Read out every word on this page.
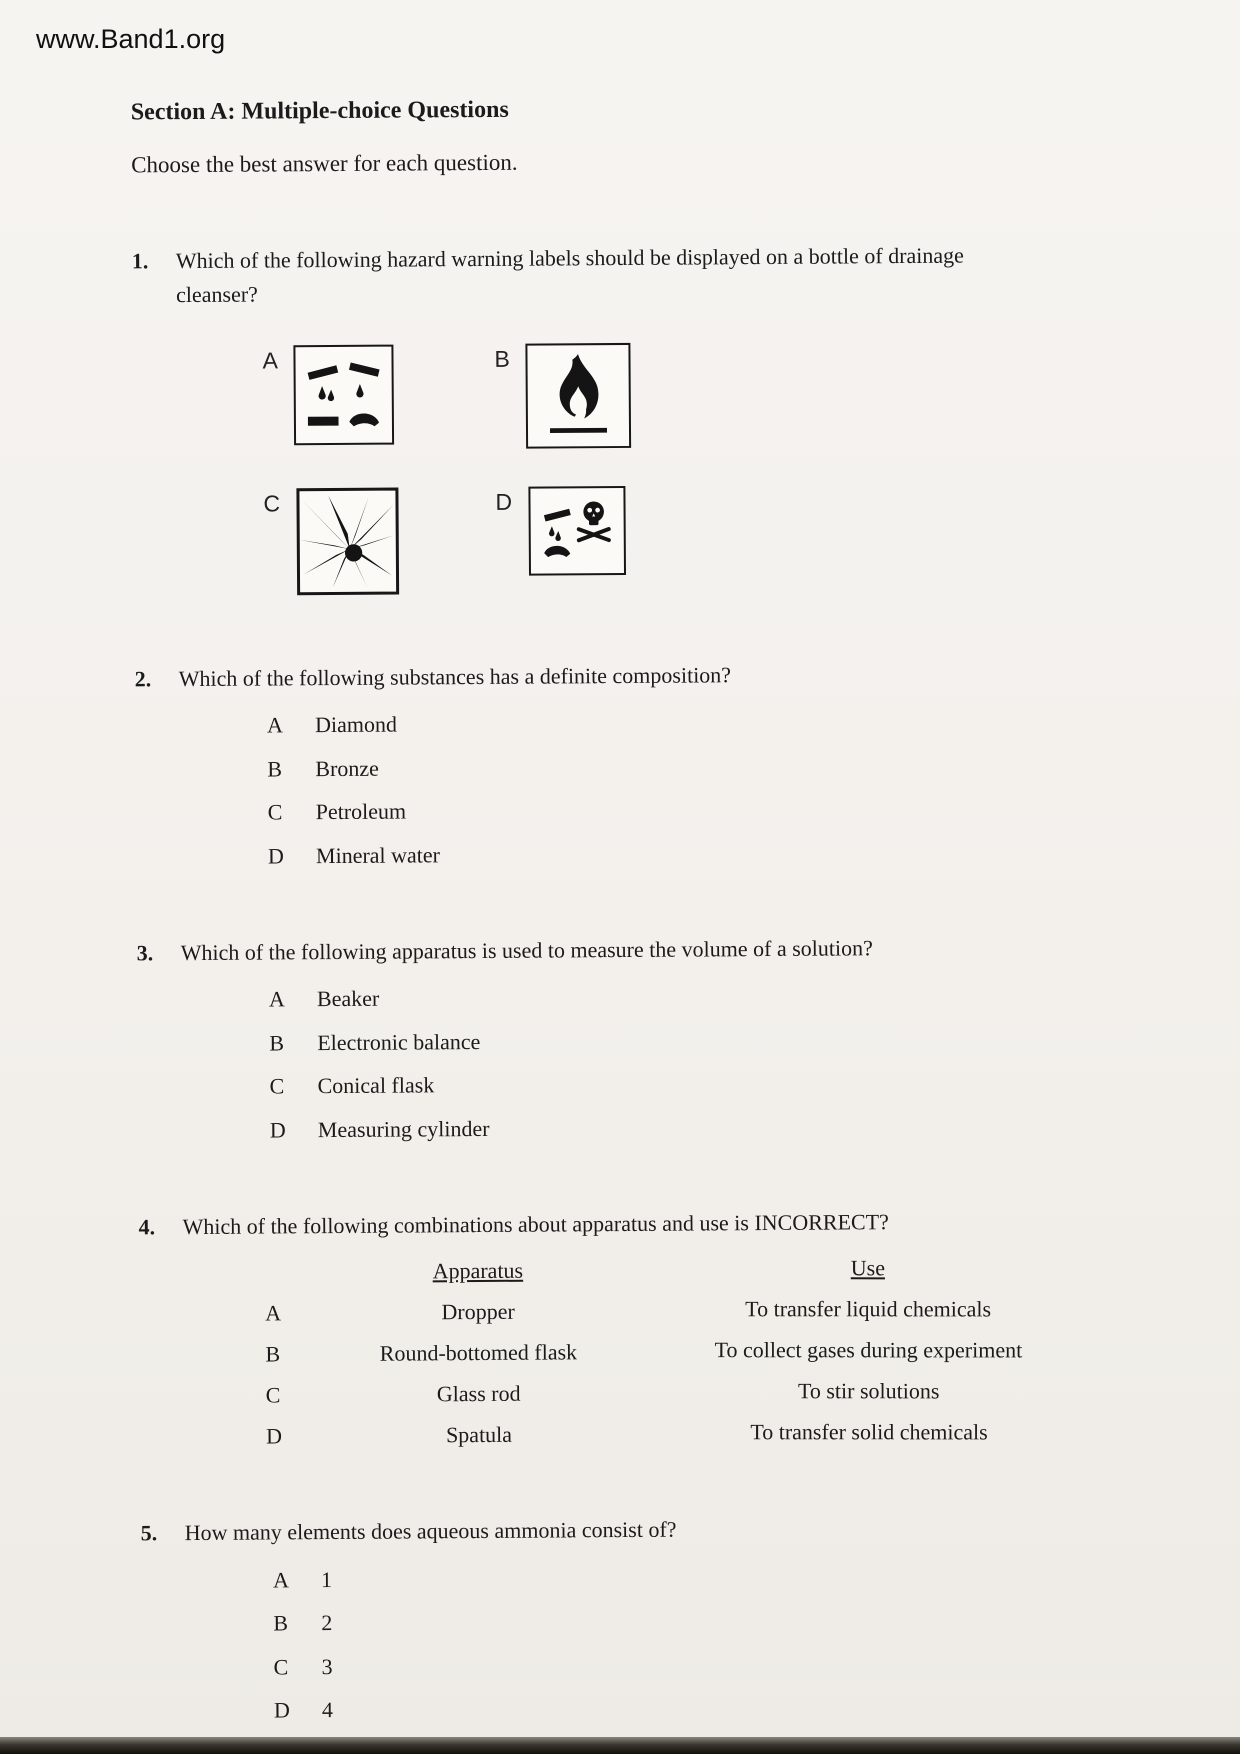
www.Band1.org
Section A: Multiple-choice Questions
Choose the best answer for each question.
1.	Which of the following hazard warning labels should be displayed on a bottle of drainage cleanser?
A	B
C	D
2.	Which of the following substances has a definite composition?
A	Diamond
B	Bronze
C	Petroleum
D	Mineral water
3.	Which of the following apparatus is used to measure the volume of a solution?
A	Beaker
B	Electronic balance
C	Conical flask
D	Measuring cylinder
4.	Which of the following combinations about apparatus and use is INCORRECT?
Apparatus	Use
A	Dropper	To transfer liquid chemicals
B	Round-bottomed flask	To collect gases during experiment
C	Glass rod	To stir solutions
D	Spatula	To transfer solid chemicals
5.	How many elements does aqueous ammonia consist of?
A	1
B	2
C	3
D	4
